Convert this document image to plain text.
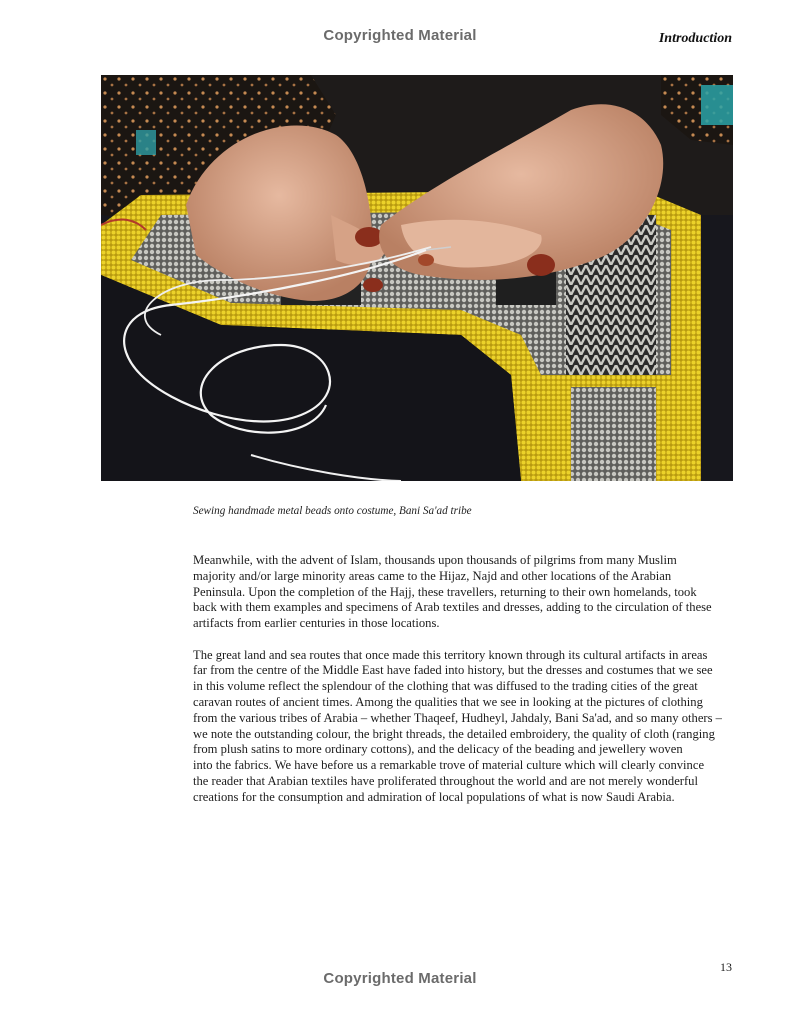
Copyrighted Material	Introduction
Sewing handmade metal beads onto costume, Bani Sa'ad tribe

Meanwhile, with the advent of Islam, thousands upon thousands of pilgrims from many Muslim
majority and/or large minority areas came to the Hijaz, Najd and other locations of the Arabian
Peninsula. Upon the completion of the Hajj, these travellers, returning to their own homelands, took
back with them examples and specimens of Arab textiles and dresses, adding to the circulation of these
artifacts from earlier centuries in those locations.

The great land and sea routes that once made this territory known through its cultural artifacts in areas
far from the centre of the Middle East have faded into history, but the dresses and costumes that we see
in this volume reflect the splendour of the clothing that was diffused to the trading cities of the great
caravan routes of ancient times. Among the qualities that we see in looking at the pictures of clothing
from the various tribes of Arabia – whether Thaqeef, Hudheyl, Jahdaly, Bani Sa'ad, and so many others –
we note the outstanding colour, the bright threads, the detailed embroidery, the quality of cloth (ranging
from plush satins to more ordinary cottons), and the delicacy of the beading and jewellery woven
into the fabrics. We have before us a remarkable trove of material culture which will clearly convince
the reader that Arabian textiles have proliferated throughout the world and are not merely wonderful
creations for the consumption and admiration of local populations of what is now Saudi Arabia.

13
Copyrighted Material
